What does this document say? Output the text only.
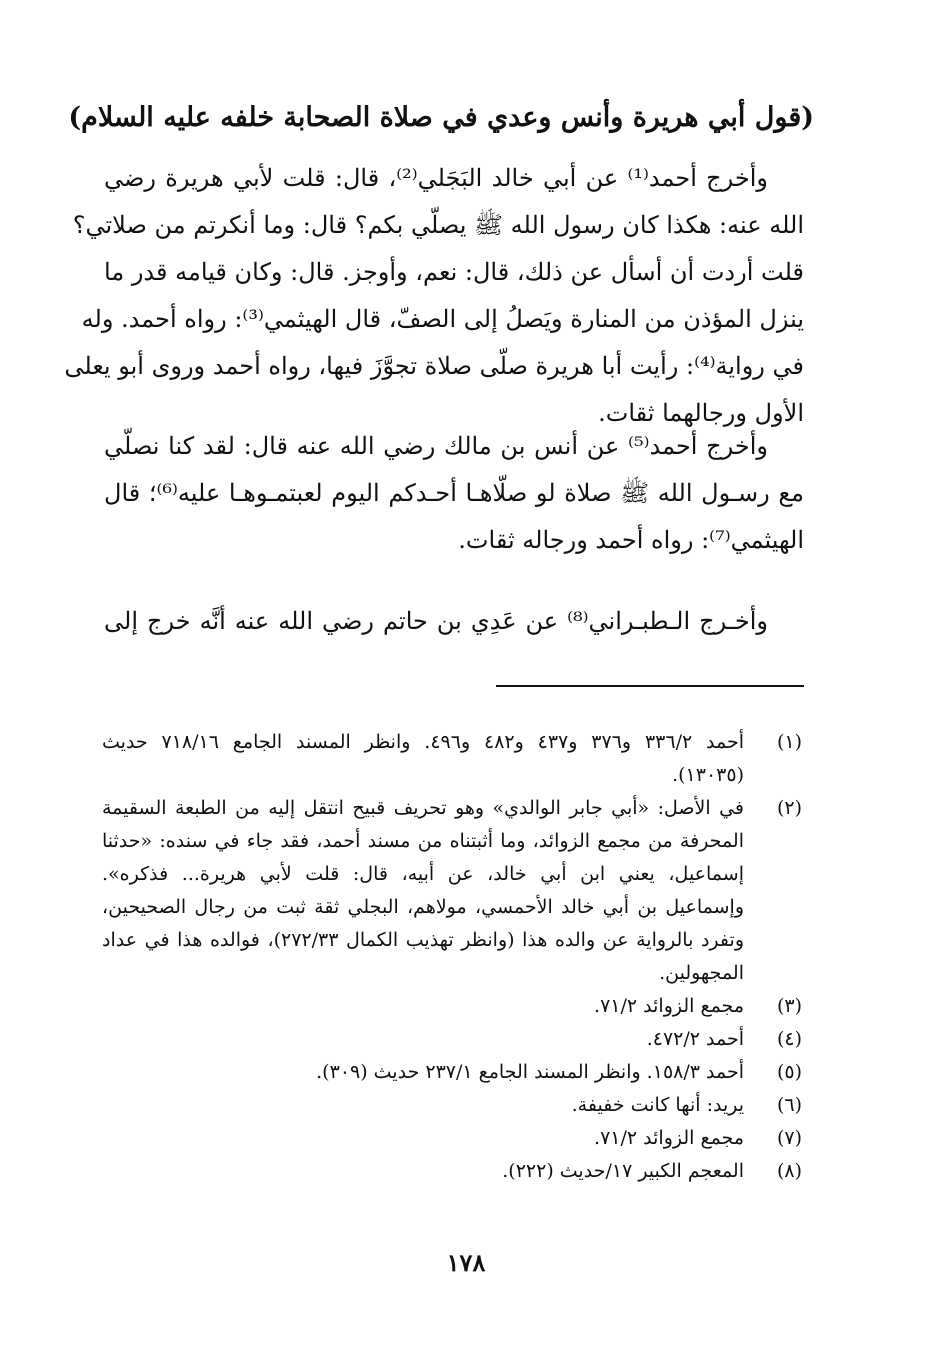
(قول أبي هريرة وأنس وعدي في صلاة الصحابة خلفه عليه السلام)
وأخرج أحمد⁽¹⁾ عن أبي خالد البَجَلي⁽²⁾، قال: قلت لأبي هريرة رضي
الله عنه: هكذا كان رسول الله ﷺ يصلّي بكم؟ قال: وما أنكرتم من صلاتي؟
قلت أردت أن أسأل عن ذلك، قال: نعم، وأوجز. قال: وكان قيامه قدر ما
ينزل المؤذن من المنارة ويَصلُ إلى الصفّ، قال الهيثمي⁽³⁾: رواه أحمد. وله
في رواية⁽⁴⁾: رأيت أبا هريرة صلّى صلاة تجوَّزَ فيها، رواه أحمد وروى أبو يعلى
الأول ورجالهما ثقات.
وأخرج أحمد⁽⁵⁾ عن أنس بن مالك رضي الله عنه قال: لقد كنا نصلّي
مع رسـول الله ﷺ صلاة لو صلّاهـا أحـدكم اليوم لعبتمـوهـا عليه⁽⁶⁾؛ قال
الهيثمي⁽⁷⁾: رواه أحمد ورجاله ثقات.
وأخـرج الـطبـراني⁽⁸⁾ عن عَدِي بن حاتم رضي الله عنه أنَّه خرج إلى
(١)
أحمد ٣٣٦/٢ و٣٧٦ و٤٣٧ و٤٨٢ و٤٩٦. وانظر المسند الجامع ٧١٨/١٦ حديث
(١٣٠٣٥).
(٢)
في الأصل: «أبي جابر الوالدي» وهو تحريف قبيح انتقل إليه من الطبعة السقيمة
المحرفة من مجمع الزوائد، وما أثبتناه من مسند أحمد، فقد جاء في سنده: «حدثنا
إسماعيل، يعني ابن أبي خالد، عن أبيه، قال: قلت لأبي هريرة... فذكره».
وإسماعيل بن أبي خالد الأحمسي، مولاهم، البجلي ثقة ثبت من رجال الصحيحين،
وتفرد بالرواية عن والده هذا (وانظر تهذيب الكمال ٢٧٢/٣٣)، فوالده هذا في عداد
المجهولين.
(٣)
مجمع الزوائد ٧١/٢.
(٤)
أحمد ٤٧٢/٢.
(٥)
أحمد ١٥٨/٣. وانظر المسند الجامع ٢٣٧/١ حديث (٣٠٩).
(٦)
يريد: أنها كانت خفيفة.
(٧)
مجمع الزوائد ٧١/٢.
(٨)
المعجم الكبير ١٧/حديث (٢٢٢).
١٧٨
